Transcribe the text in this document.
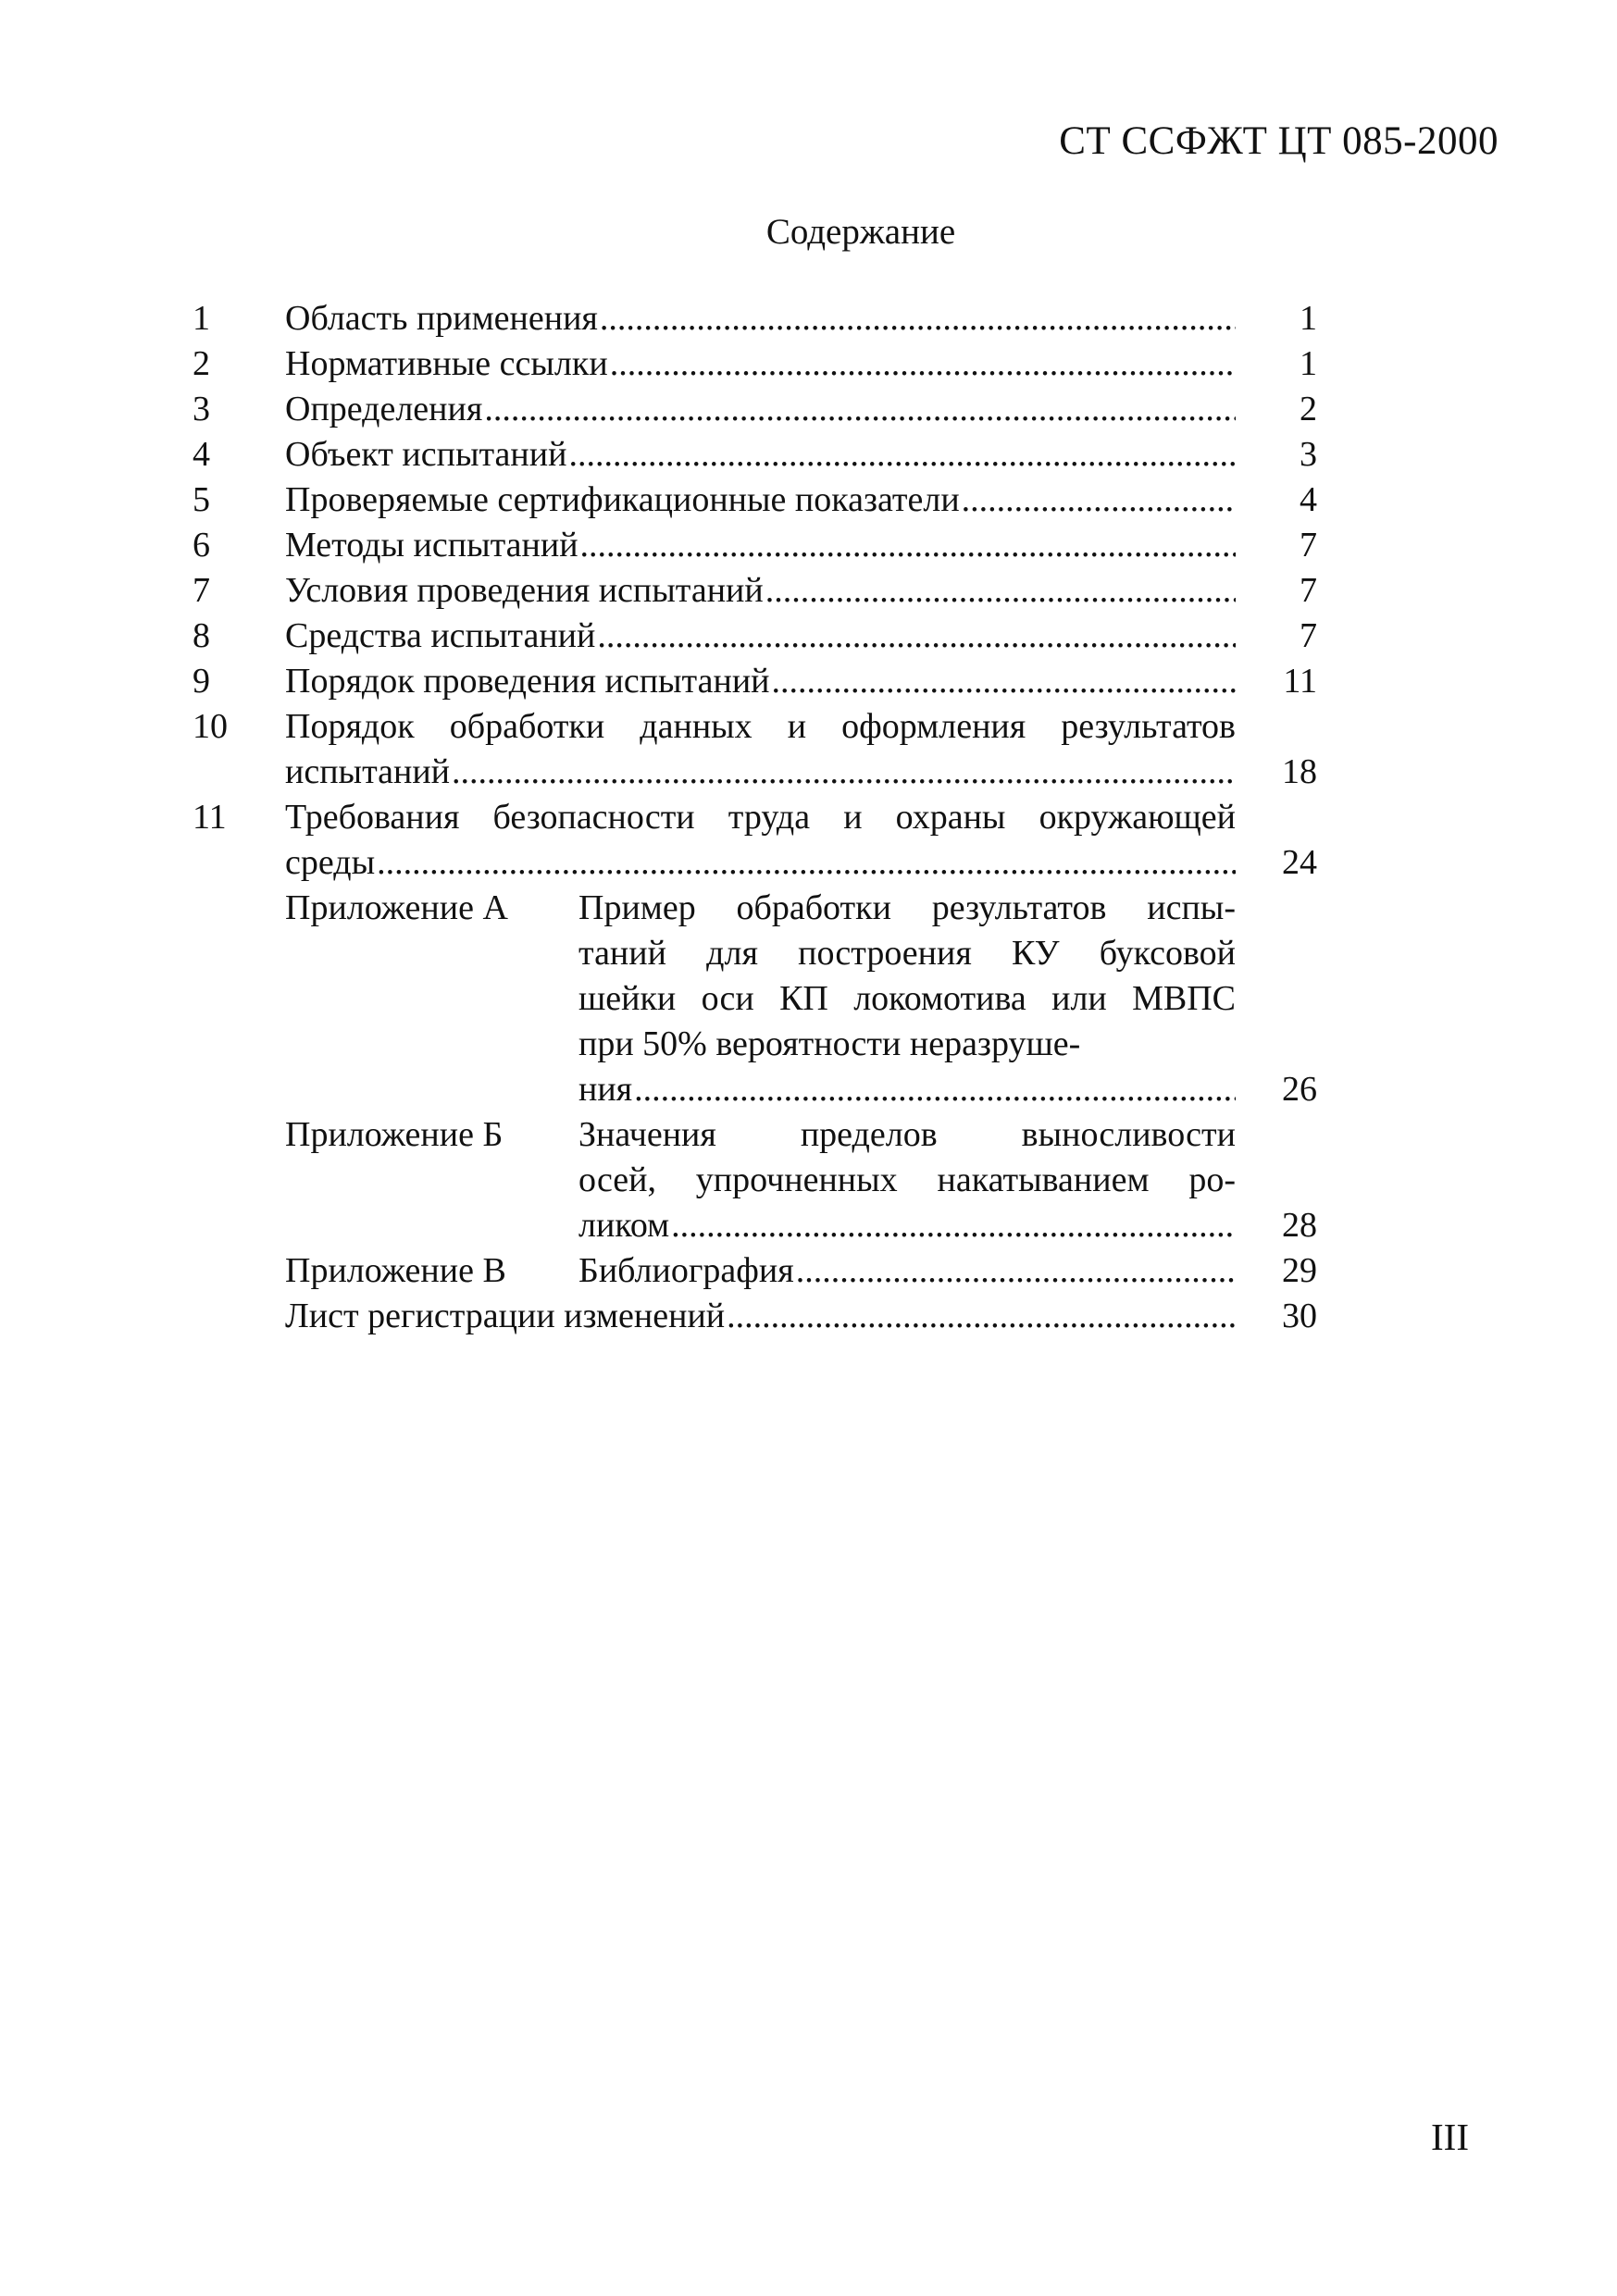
СТ ССФЖТ ЦТ 085-2000
Содержание
1	Область применения .....	1
2	Нормативные ссылки .....	1
3	Определения .....	2
4	Объект испытаний .....	3
5	Проверяемые сертификационные показатели .....	4
6	Методы испытаний .....	7
7	Условия проведения испытаний .....	7
8	Средства испытаний .....	7
9	Порядок проведения испытаний .....	11
10	Порядок обработки данных и оформления результатов
испытаний .....	18
11	Требования безопасности труда и охраны окружающей
среды .....	24
Приложение А	Пример обработки результатов испы-
таний для построения КУ буксовой
шейки оси КП локомотива или МВПС
при 50% вероятности неразруше-
ния .....	26
Приложение Б	Значения пределов выносливости
осей, упрочненных накатыванием ро-
ликом .....	28
Приложение В	Библиография .....	29
Лист регистрации изменений .....	30
III
